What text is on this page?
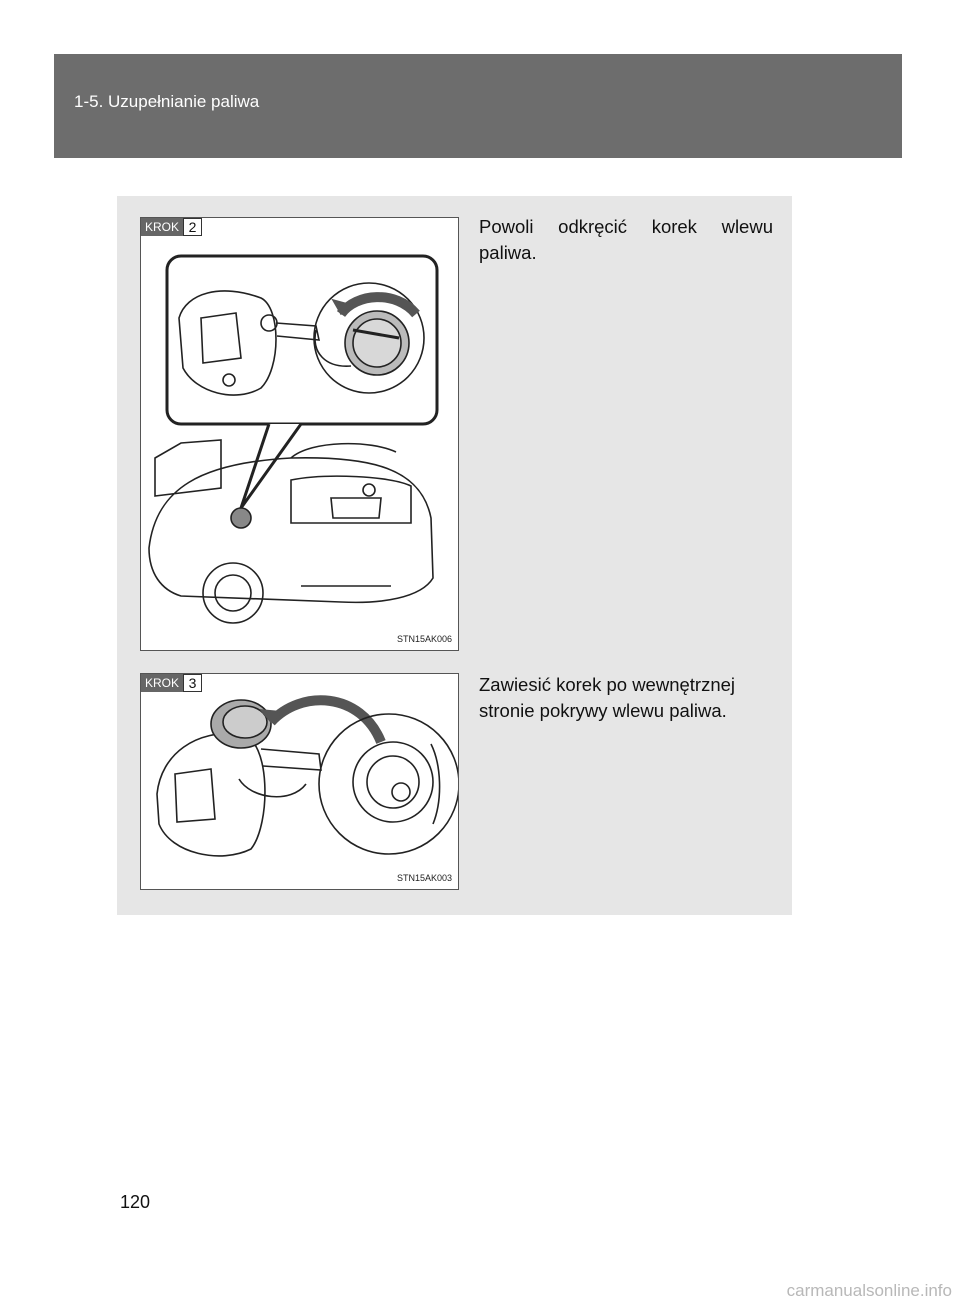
1-5. Uzupełnianie paliwa
KROK 2
STN15AK006
Powoli odkręcić korek wlewu paliwa.
KROK 3
STN15AK003
Zawiesić korek po wewnętrznej stronie pokrywy wlewu paliwa.
120
carmanualsonline.info
